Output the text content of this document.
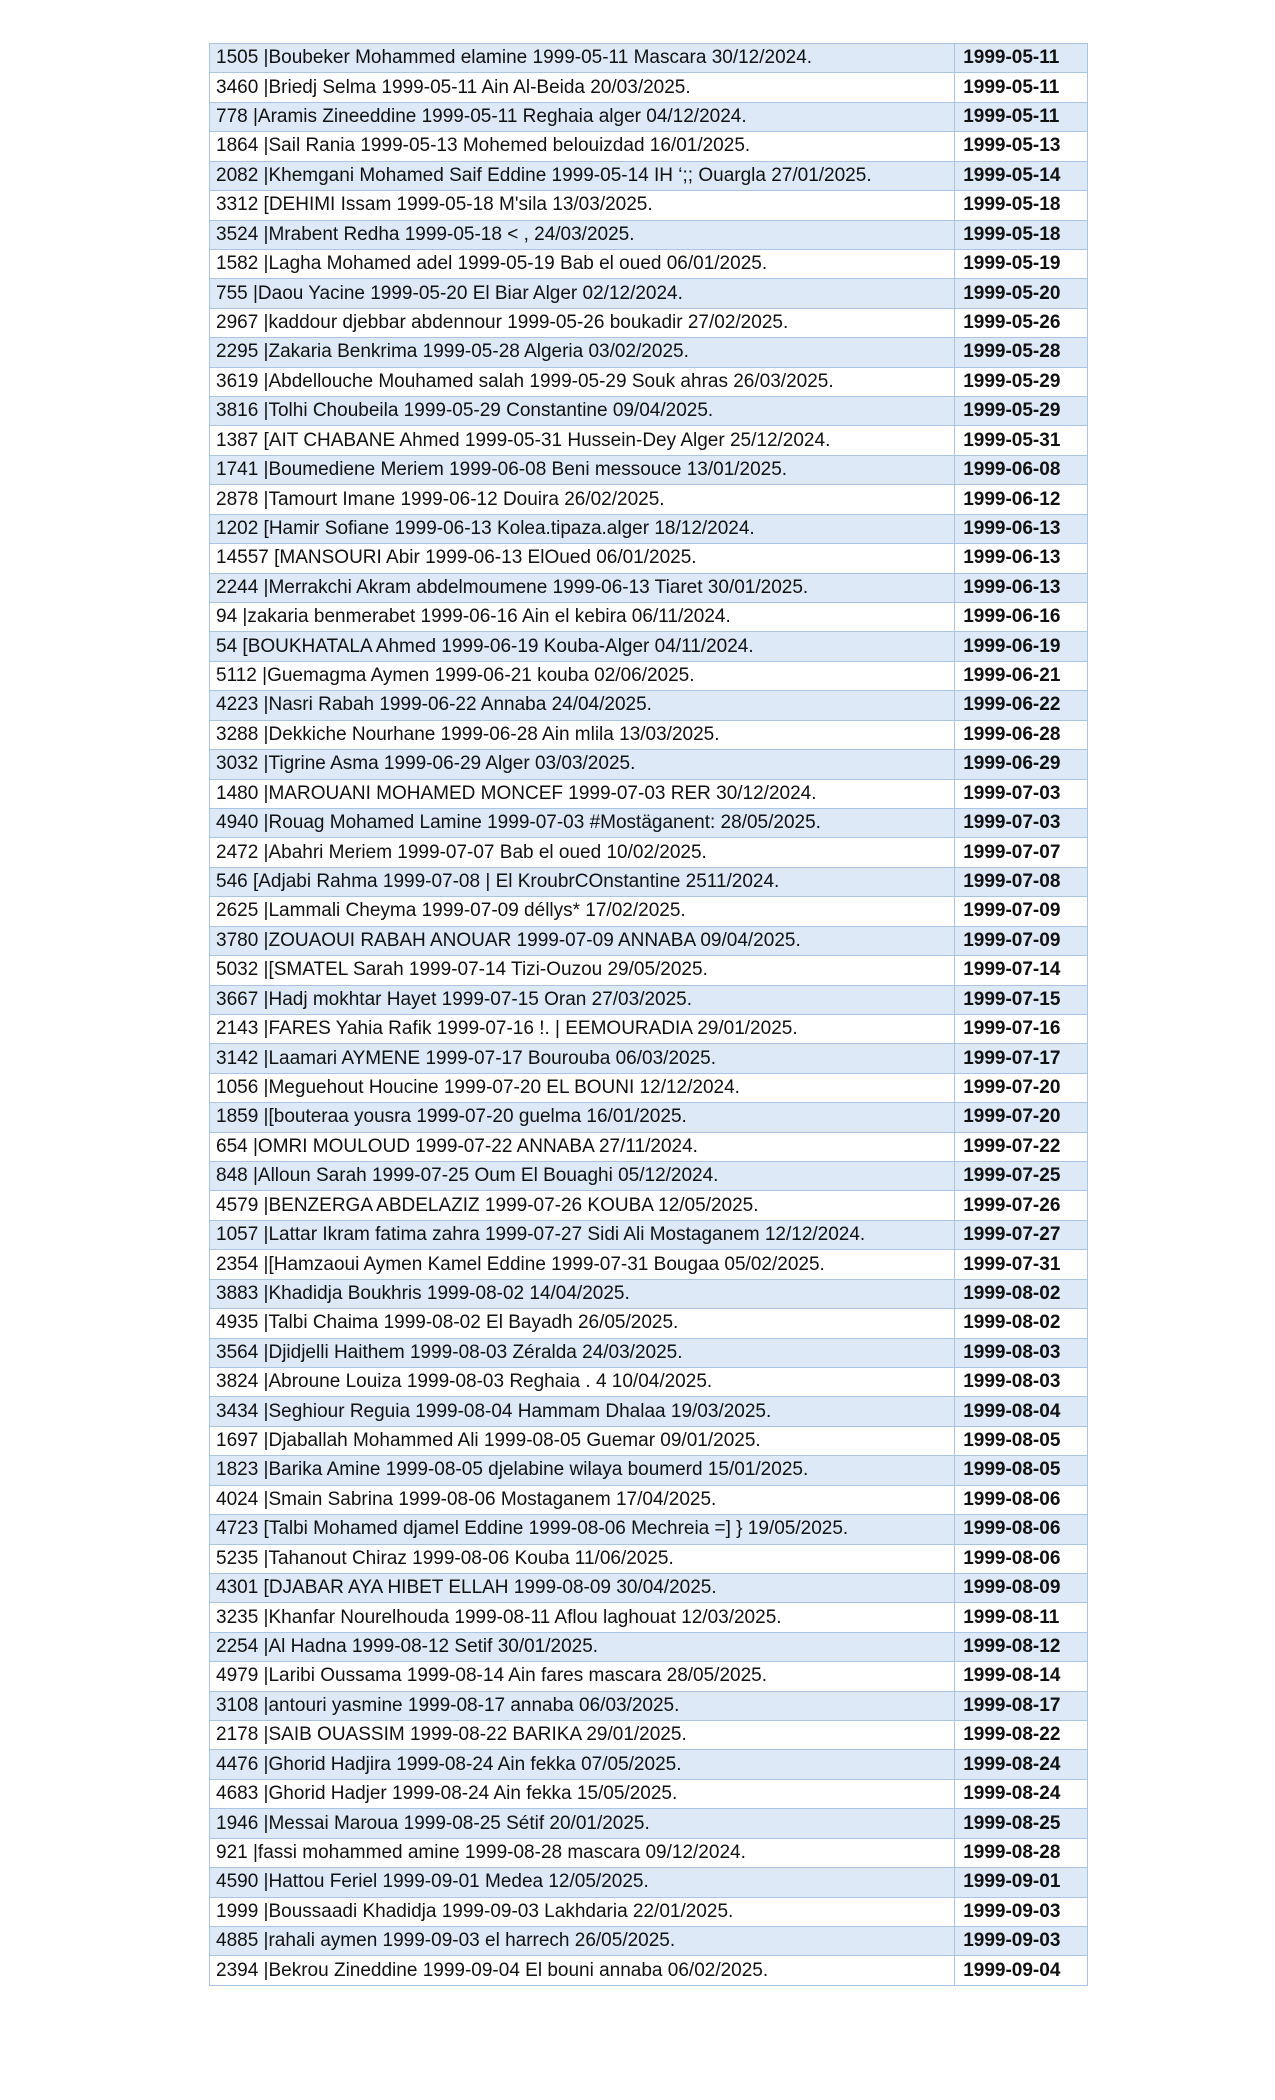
1505 |Boubeker Mohammed elamine 1999-05-11 Mascara 30/12/2024.	1999-05-11
3460 |Briedj Selma 1999-05-11 Ain Al-Beida 20/03/2025.	1999-05-11
778 |Aramis Zineeddine 1999-05-11 Reghaia alger 04/12/2024.	1999-05-11
1864 |Sail Rania 1999-05-13 Mohemed belouizdad 16/01/2025.	1999-05-13
2082 |Khemgani Mohamed Saif Eddine 1999-05-14 IH ‘;; Ouargla 27/01/2025.	1999-05-14
3312 [DEHIMI Issam 1999-05-18 M'sila 13/03/2025.	1999-05-18
3524 |Mrabent Redha 1999-05-18 < , 24/03/2025.	1999-05-18
1582 |Lagha Mohamed adel 1999-05-19 Bab el oued 06/01/2025.	1999-05-19
755 |Daou Yacine 1999-05-20 El Biar Alger 02/12/2024.	1999-05-20
2967 |kaddour djebbar abdennour 1999-05-26 boukadir 27/02/2025.	1999-05-26
2295 |Zakaria Benkrima 1999-05-28 Algeria 03/02/2025.	1999-05-28
3619 |Abdellouche Mouhamed salah 1999-05-29 Souk ahras 26/03/2025.	1999-05-29
3816 |Tolhi Choubeila 1999-05-29 Constantine 09/04/2025.	1999-05-29
1387 [AIT CHABANE Ahmed 1999-05-31 Hussein-Dey Alger 25/12/2024.	1999-05-31
1741 |Boumediene Meriem 1999-06-08 Beni messouce 13/01/2025.	1999-06-08
2878 |Tamourt Imane 1999-06-12 Douira 26/02/2025.	1999-06-12
1202 [Hamir Sofiane 1999-06-13 Kolea.tipaza.alger 18/12/2024.	1999-06-13
14557 [MANSOURI Abir 1999-06-13 ElOued 06/01/2025.	1999-06-13
2244 |Merrakchi Akram abdelmoumene 1999-06-13 Tiaret 30/01/2025.	1999-06-13
94 |zakaria benmerabet 1999-06-16 Ain el kebira 06/11/2024.	1999-06-16
54 [BOUKHATALA Ahmed 1999-06-19 Kouba-Alger 04/11/2024.	1999-06-19
5112 |Guemagma Aymen 1999-06-21 kouba 02/06/2025.	1999-06-21
4223 |Nasri Rabah 1999-06-22 Annaba 24/04/2025.	1999-06-22
3288 |Dekkiche Nourhane 1999-06-28 Ain mlila 13/03/2025.	1999-06-28
3032 |Tigrine Asma 1999-06-29 Alger 03/03/2025.	1999-06-29
1480 |MAROUANI MOHAMED MONCEF 1999-07-03 RER 30/12/2024.	1999-07-03
4940 |Rouag Mohamed Lamine 1999-07-03 #Mostäganent: 28/05/2025.	1999-07-03
2472 |Abahri Meriem 1999-07-07 Bab el oued 10/02/2025.	1999-07-07
546 [Adjabi Rahma 1999-07-08 | El KroubrCOnstantine 2511/2024.	1999-07-08
2625 |Lammali Cheyma 1999-07-09 déllys* 17/02/2025.	1999-07-09
3780 |ZOUAOUI RABAH ANOUAR 1999-07-09 ANNABA 09/04/2025.	1999-07-09
5032 |[SMATEL Sarah 1999-07-14 Tizi-Ouzou 29/05/2025.	1999-07-14
3667 |Hadj mokhtar Hayet 1999-07-15 Oran 27/03/2025.	1999-07-15
2143 |FARES Yahia Rafik 1999-07-16 !. | EEMOURADIA 29/01/2025.	1999-07-16
3142 |Laamari AYMENE 1999-07-17 Bourouba 06/03/2025.	1999-07-17
1056 |Meguehout Houcine 1999-07-20 EL BOUNI 12/12/2024.	1999-07-20
1859 |[bouteraa yousra 1999-07-20 guelma 16/01/2025.	1999-07-20
654 |OMRI MOULOUD 1999-07-22 ANNABA 27/11/2024.	1999-07-22
848 |Alloun Sarah 1999-07-25 Oum El Bouaghi 05/12/2024.	1999-07-25
4579 |BENZERGA ABDELAZIZ 1999-07-26 KOUBA 12/05/2025.	1999-07-26
1057 |Lattar Ikram fatima zahra 1999-07-27 Sidi Ali Mostaganem 12/12/2024.	1999-07-27
2354 |[Hamzaoui Aymen Kamel Eddine 1999-07-31 Bougaa 05/02/2025.	1999-07-31
3883 |Khadidja Boukhris 1999-08-02 14/04/2025.	1999-08-02
4935 |Talbi Chaima 1999-08-02 El Bayadh 26/05/2025.	1999-08-02
3564 |Djidjelli Haithem 1999-08-03 Zéralda 24/03/2025.	1999-08-03
3824 |Abroune Louiza 1999-08-03 Reghaia . 4 10/04/2025.	1999-08-03
3434 |Seghiour Reguia 1999-08-04 Hammam Dhalaa 19/03/2025.	1999-08-04
1697 |Djaballah Mohammed Ali 1999-08-05 Guemar 09/01/2025.	1999-08-05
1823 |Barika Amine 1999-08-05 djelabine wilaya boumerd 15/01/2025.	1999-08-05
4024 |Smain Sabrina 1999-08-06 Mostaganem 17/04/2025.	1999-08-06
4723 [Talbi Mohamed djamel Eddine 1999-08-06 Mechreia =] } 19/05/2025.	1999-08-06
5235 |Tahanout Chiraz 1999-08-06 Kouba 11/06/2025.	1999-08-06
4301 [DJABAR AYA HIBET ELLAH 1999-08-09 30/04/2025.	1999-08-09
3235 |Khanfar Nourelhouda 1999-08-11 Aflou laghouat 12/03/2025.	1999-08-11
2254 |Al Hadna 1999-08-12 Setif 30/01/2025.	1999-08-12
4979 |Laribi Oussama 1999-08-14 Ain fares mascara 28/05/2025.	1999-08-14
3108 |antouri yasmine 1999-08-17 annaba 06/03/2025.	1999-08-17
2178 |SAIB OUASSIM 1999-08-22 BARIKA 29/01/2025.	1999-08-22
4476 |Ghorid Hadjira 1999-08-24 Ain fekka 07/05/2025.	1999-08-24
4683 |Ghorid Hadjer 1999-08-24 Ain fekka 15/05/2025.	1999-08-24
1946 |Messai Maroua 1999-08-25 Sétif 20/01/2025.	1999-08-25
921 |fassi mohammed amine 1999-08-28 mascara 09/12/2024.	1999-08-28
4590 |Hattou Feriel 1999-09-01 Medea 12/05/2025.	1999-09-01
1999 |Boussaadi Khadidja 1999-09-03 Lakhdaria 22/01/2025.	1999-09-03
4885 |rahali aymen 1999-09-03 el harrech 26/05/2025.	1999-09-03
2394 |Bekrou Zineddine 1999-09-04 El bouni annaba 06/02/2025.	1999-09-04
